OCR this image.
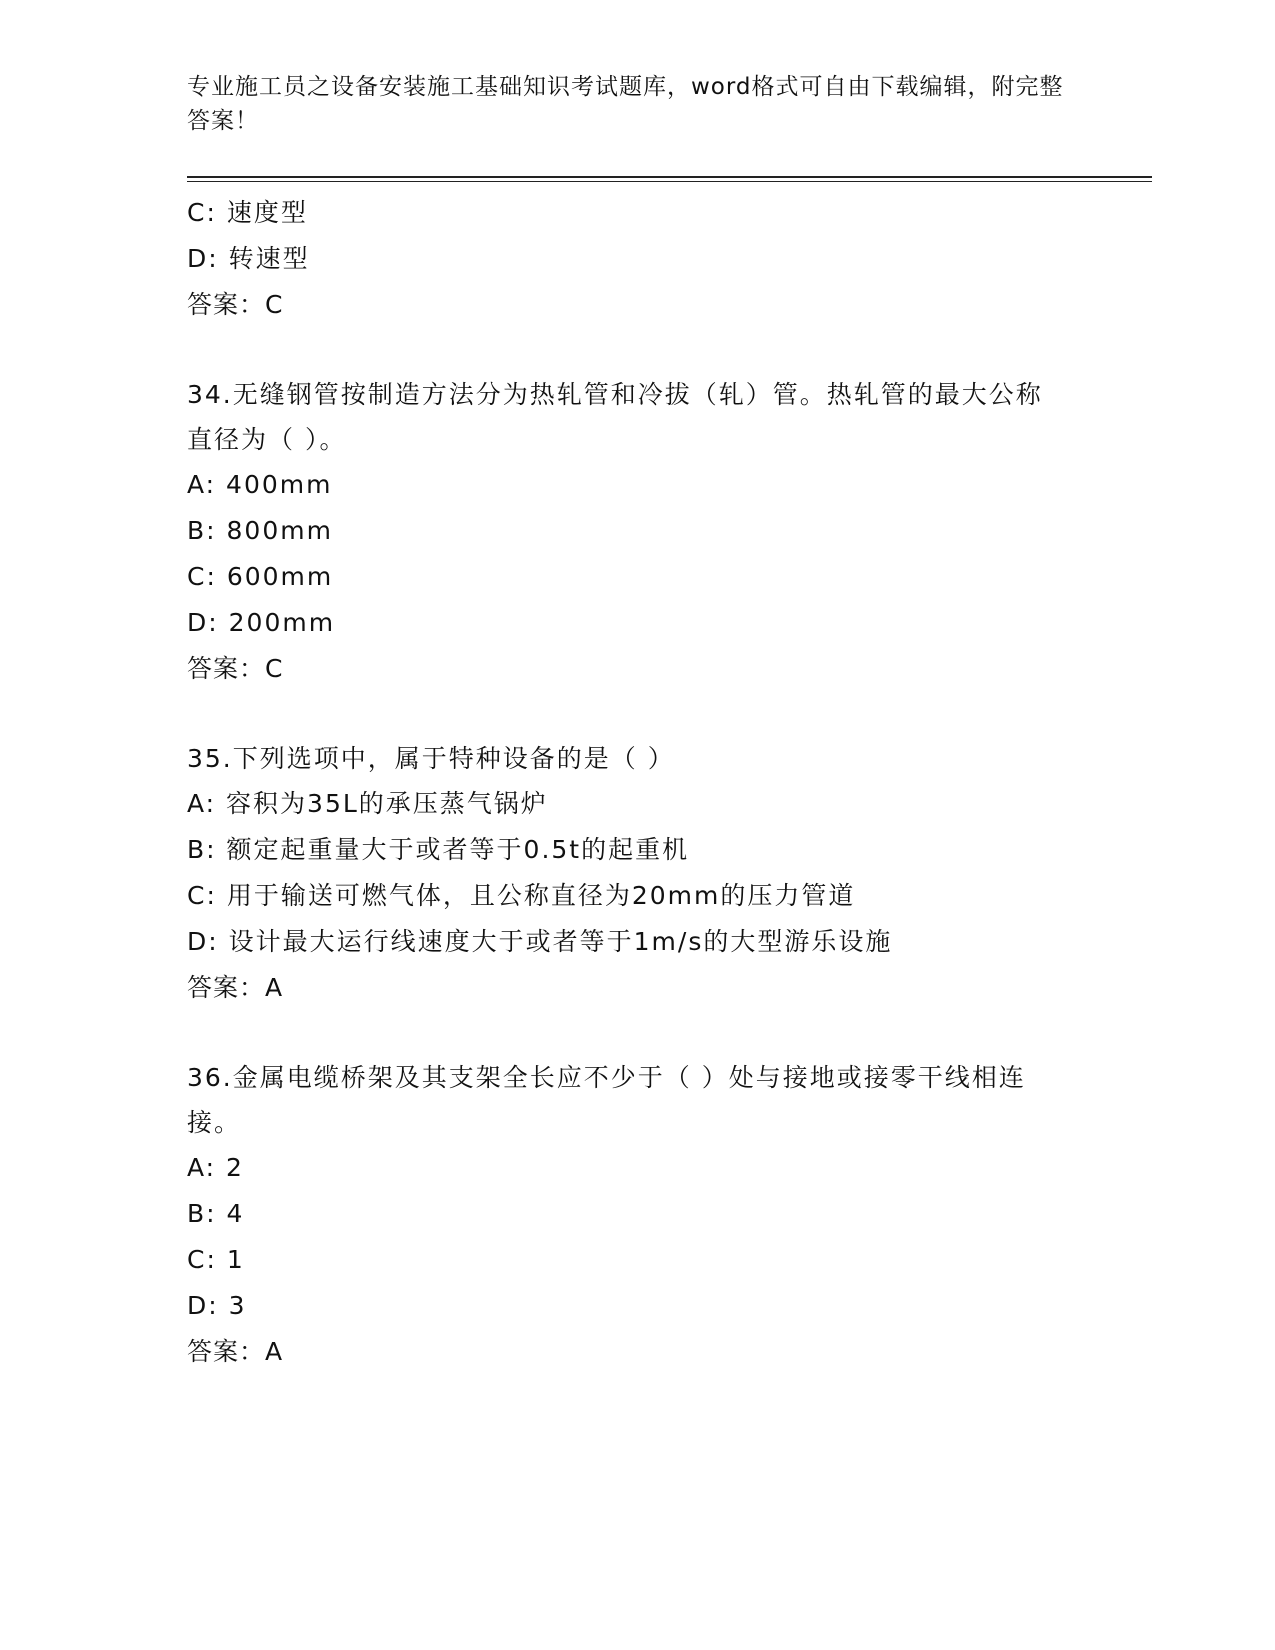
专业施工员之设备安装施工基础知识考试题库，word格式可自由下载编辑，附完整答案！
C: 速度型
D: 转速型
答案：C
34.无缝钢管按制造方法分为热轧管和冷拔（轧）管。热轧管的最大公称直径为（ ）。
A: 400mm
B: 800mm
C: 600mm
D: 200mm
答案：C
35.下列选项中，属于特种设备的是（ ）
A: 容积为35L的承压蒸气锅炉
B: 额定起重量大于或者等于0.5t的起重机
C: 用于输送可燃气体，且公称直径为20mm的压力管道
D: 设计最大运行线速度大于或者等于1m/s的大型游乐设施
答案：A
36.金属电缆桥架及其支架全长应不少于（ ）处与接地或接零干线相连接。
A: 2
B: 4
C: 1
D: 3
答案：A
